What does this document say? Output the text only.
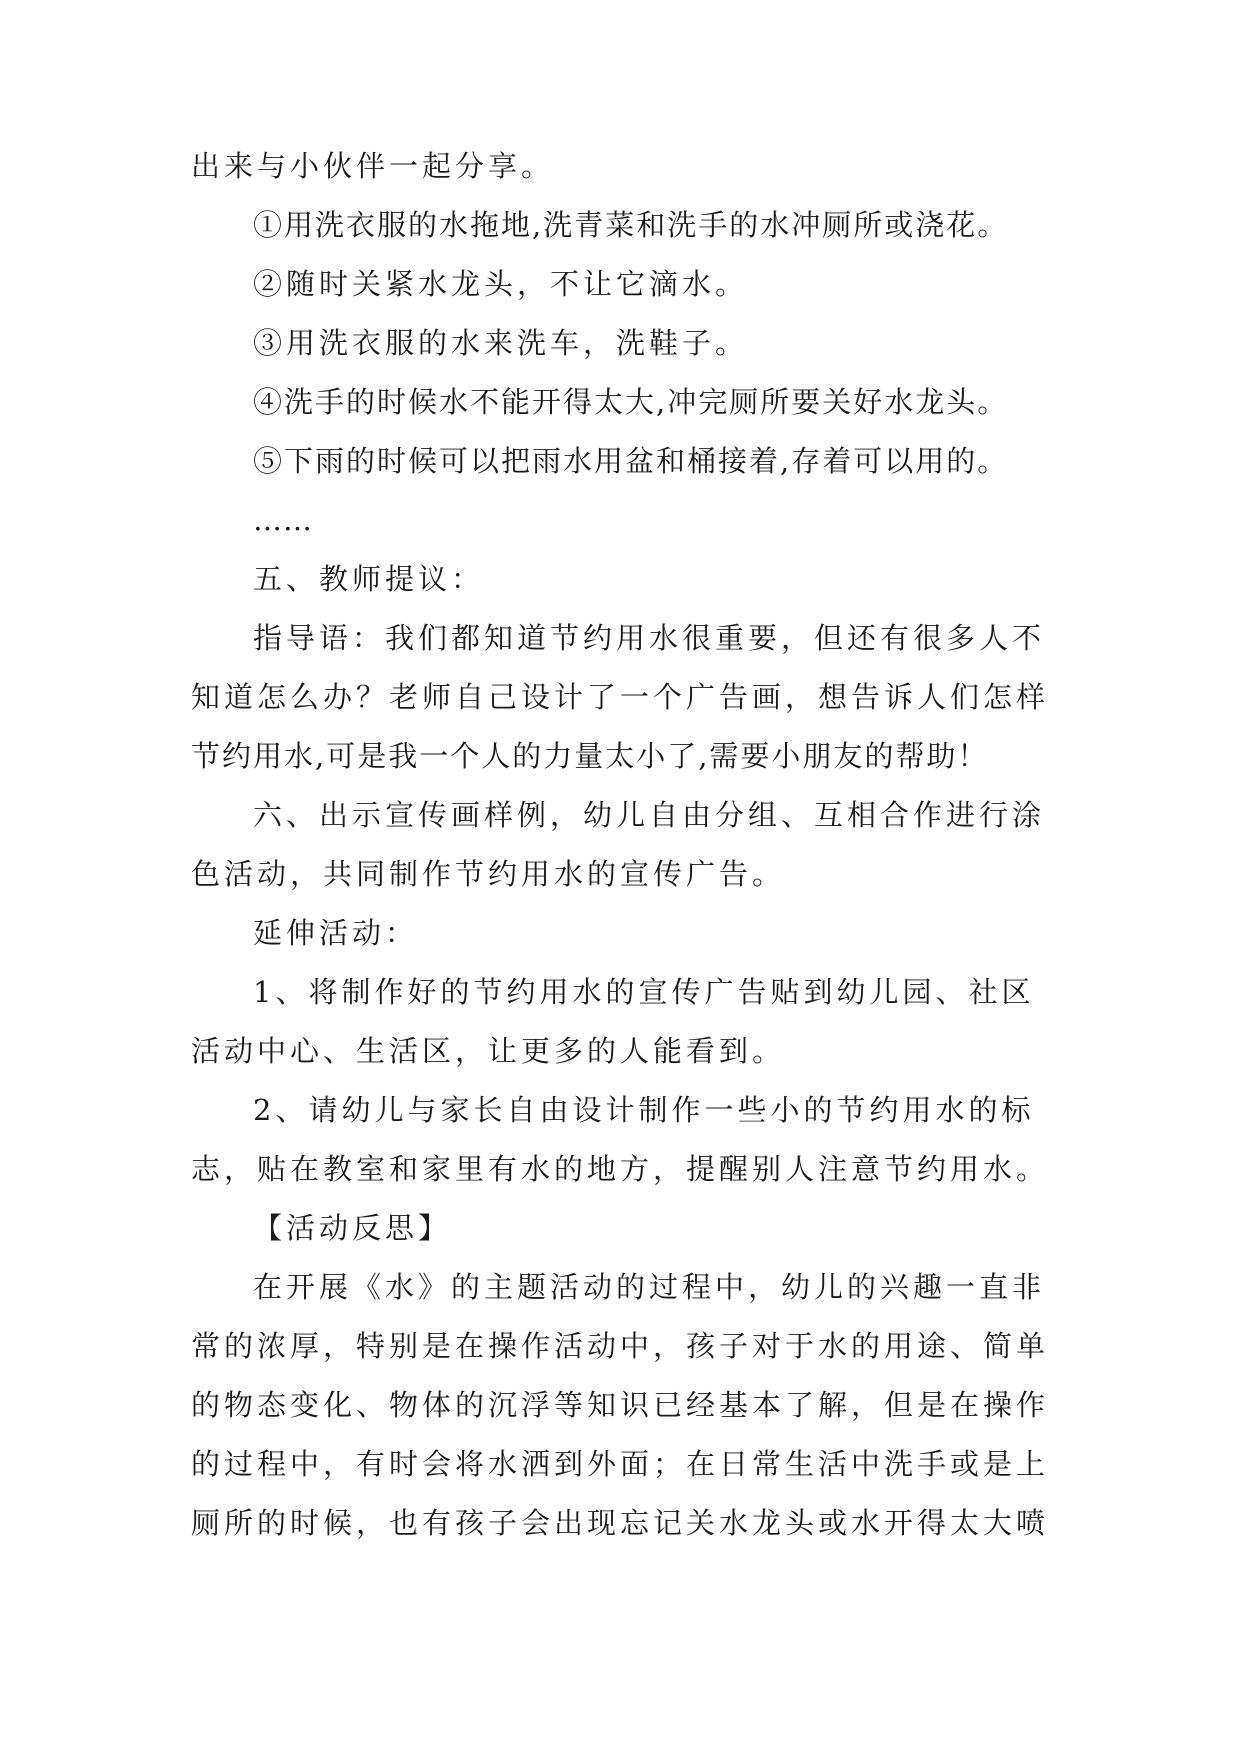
出来与小伙伴一起分享。
①用洗衣服的水拖地,洗青菜和洗手的水冲厕所或浇花。
②随时关紧水龙头，不让它滴水。
③用洗衣服的水来洗车，洗鞋子。
④洗手的时候水不能开得太大,冲完厕所要关好水龙头。
⑤下雨的时候可以把雨水用盆和桶接着,存着可以用的。
……
五、教师提议：
指导语：我们都知道节约用水很重要，但还有很多人不
知道怎么办？老师自己设计了一个广告画，想告诉人们怎样
节约用水,可是我一个人的力量太小了,需要小朋友的帮助！
六、出示宣传画样例，幼儿自由分组、互相合作进行涂
色活动，共同制作节约用水的宣传广告。
延伸活动：
1、将制作好的节约用水的宣传广告贴到幼儿园、社区
活动中心、生活区，让更多的人能看到。
2、请幼儿与家长自由设计制作一些小的节约用水的标
志，贴在教室和家里有水的地方，提醒别人注意节约用水。
【活动反思】
在开展《水》的主题活动的过程中，幼儿的兴趣一直非
常的浓厚，特别是在操作活动中，孩子对于水的用途、简单
的物态变化、物体的沉浮等知识已经基本了解，但是在操作
的过程中，有时会将水洒到外面；在日常生活中洗手或是上
厕所的时候，也有孩子会出现忘记关水龙头或水开得太大喷
